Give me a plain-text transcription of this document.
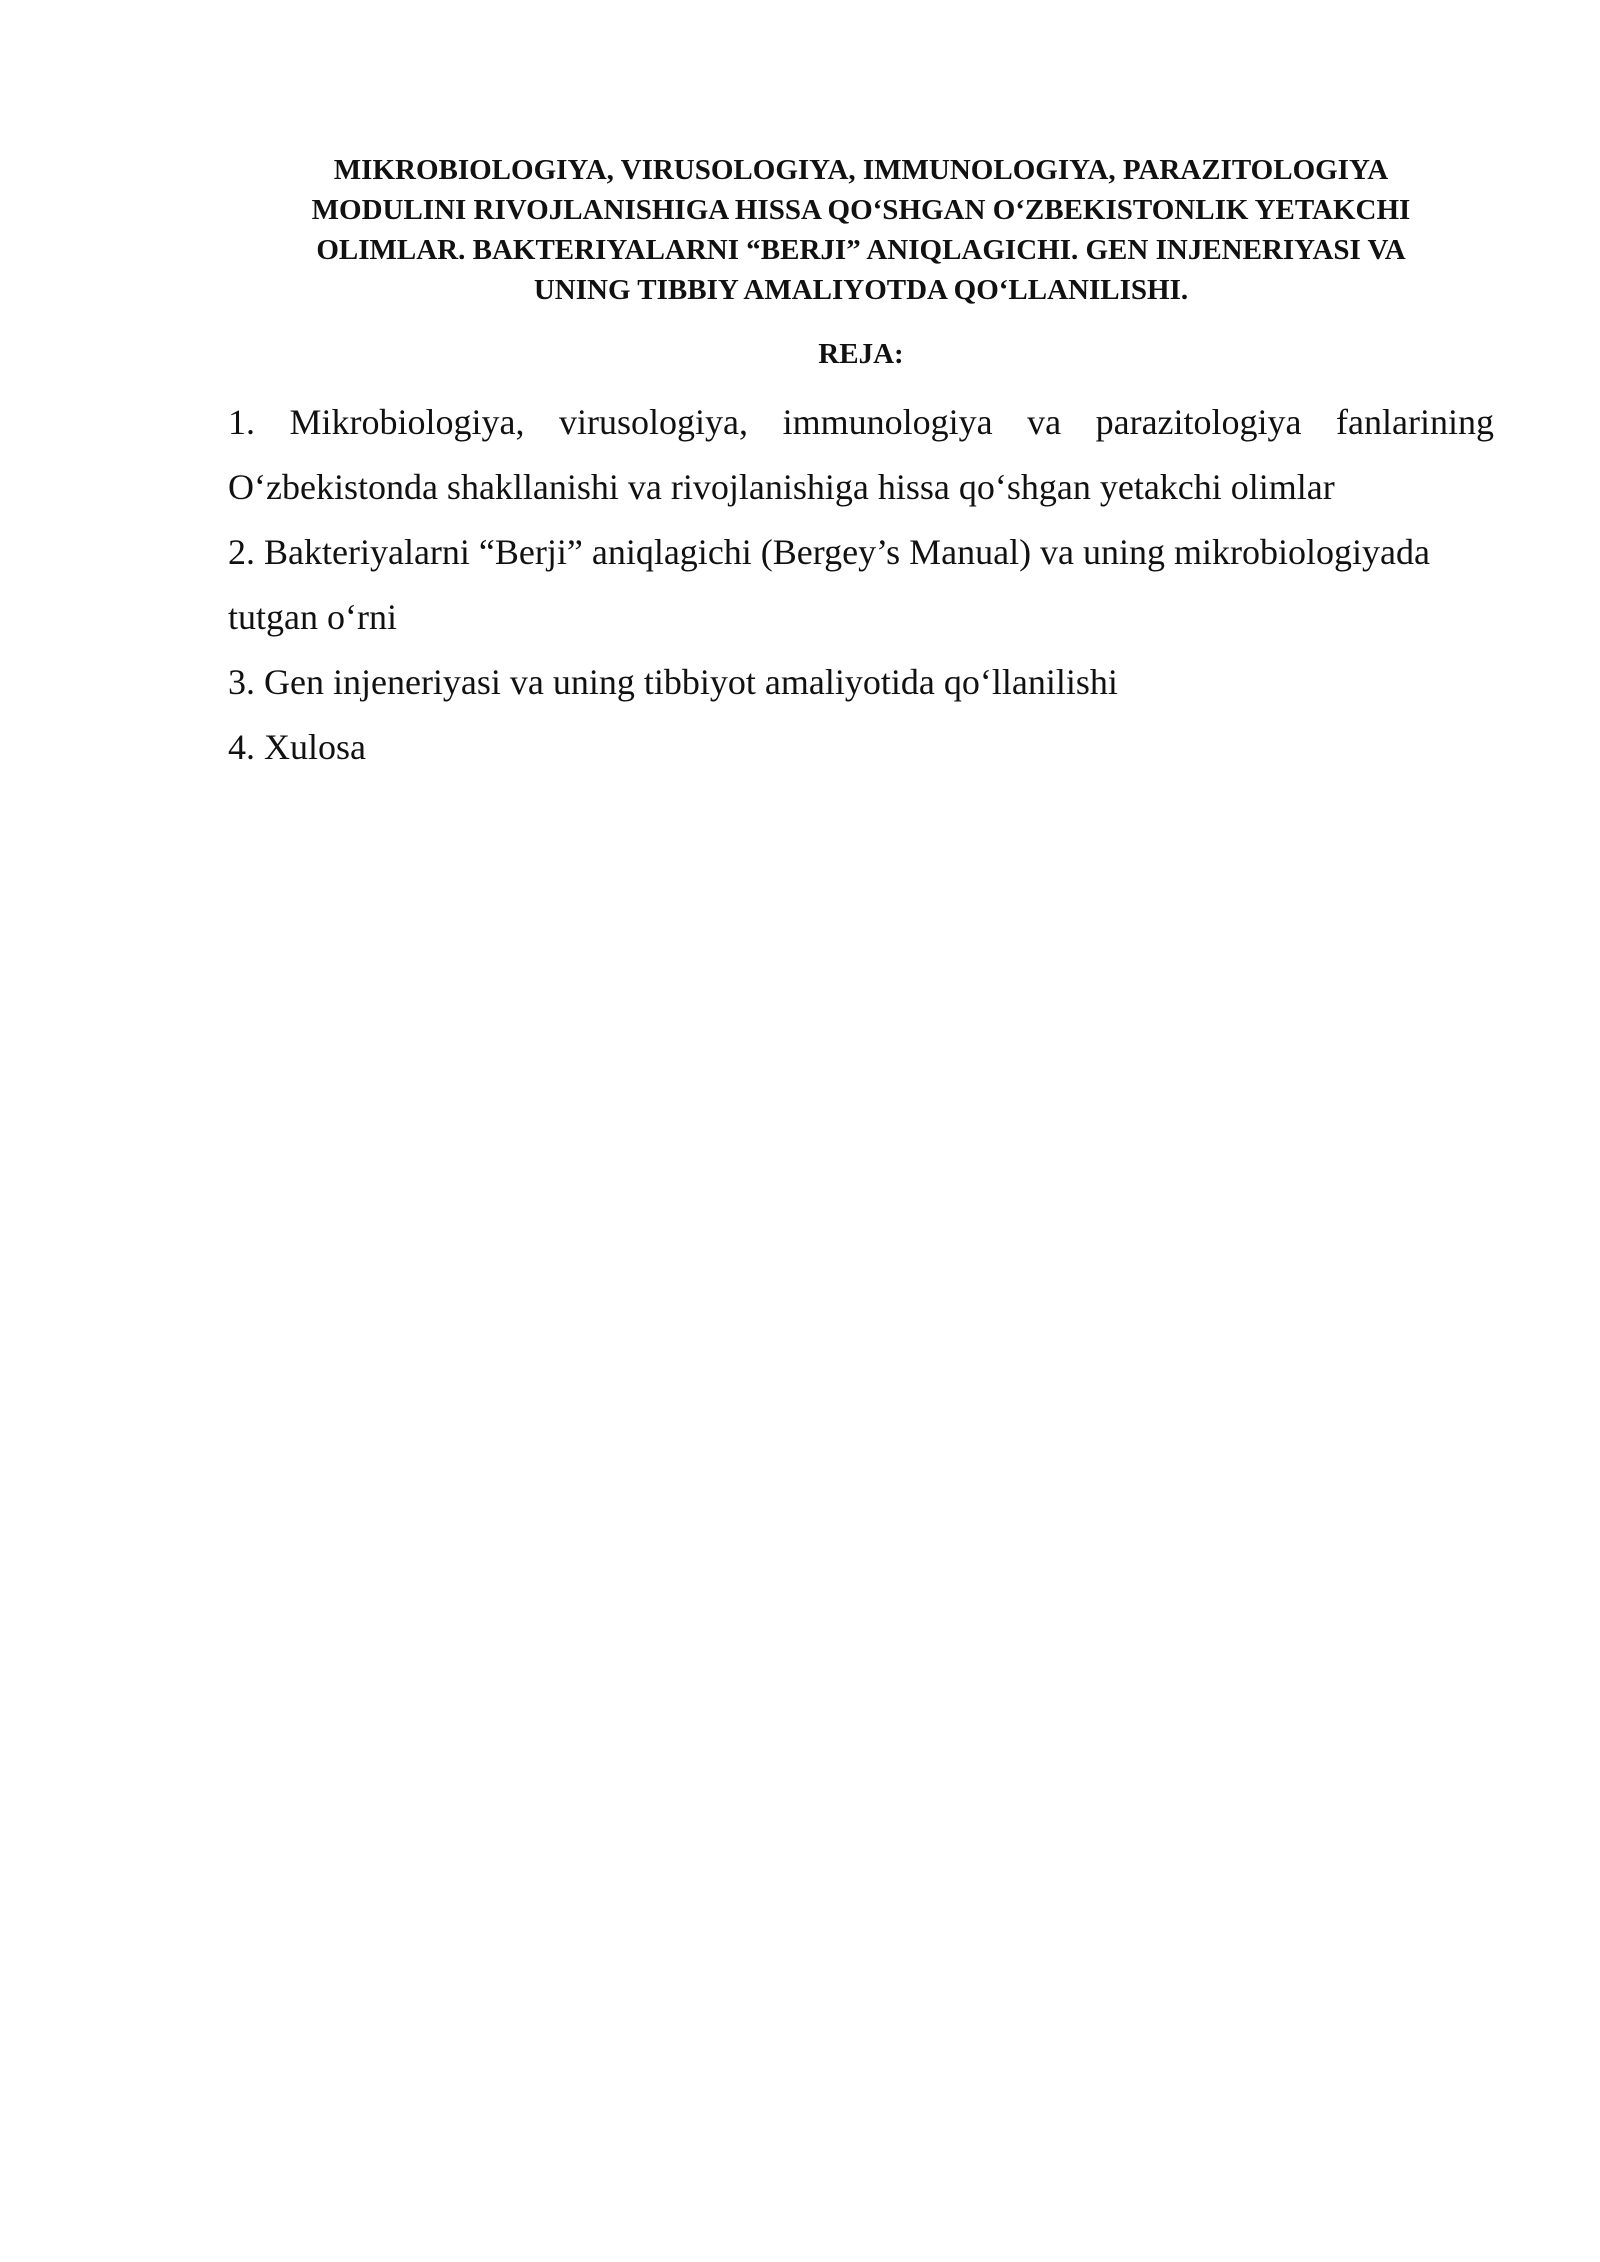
MIKROBIOLOGIYA, VIRUSOLOGIYA, IMMUNOLOGIYA, PARAZITOLOGIYA
MODULINI RIVOJLANISHIGA HISSA QO‘SHGAN O‘ZBEKISTONLIK YETAKCHI
OLIMLAR. BAKTERIYALARNI “BERJI” ANIQLAGICHI. GEN INJENERIYASI VA
UNING TIBBIY AMALIYOTDA QO‘LLANILISHI.
REJA:
1. Mikrobiologiya, virusologiya, immunologiya va parazitologiya fanlarining
O‘zbekistonda shakllanishi va rivojlanishiga hissa qo‘shgan yetakchi olimlar
2. Bakteriyalarni “Berji” aniqlagichi (Bergey’s Manual) va uning mikrobiologiyada
tutgan o‘rni
3. Gen injeneriyasi va uning tibbiyot amaliyotida qo‘llanilishi
4. Xulosa
